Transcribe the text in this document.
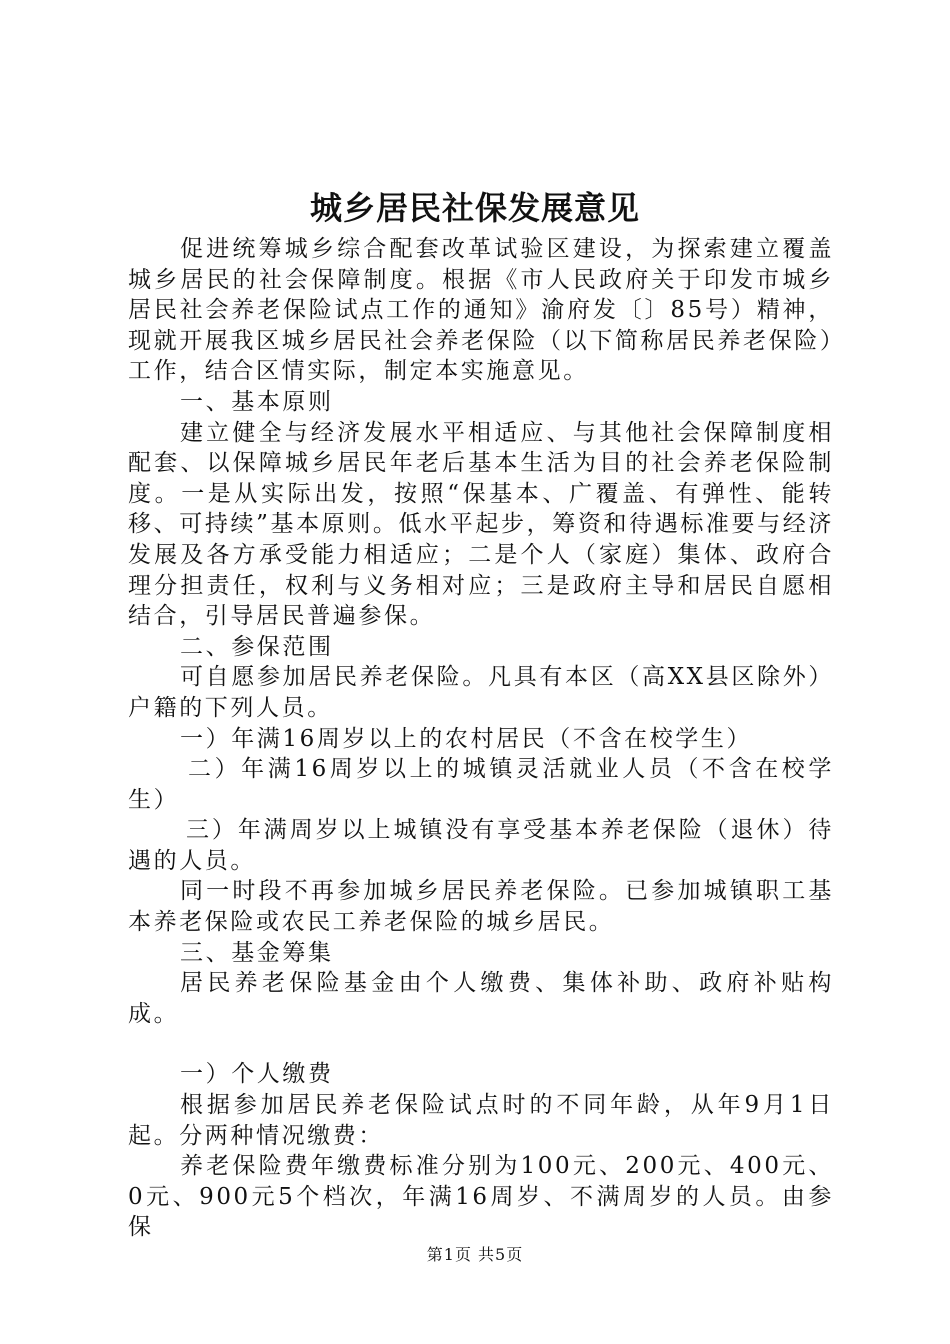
城乡居民社保发展意见

促进统筹城乡综合配套改革试验区建设，为探索建立覆盖城乡居民的社会保障制度。根据《市人民政府关于印发市城乡居民社会养老保险试点工作的通知》渝府发〔〕85号）精神，现就开展我区城乡居民社会养老保险（以下简称居民养老保险）工作，结合区情实际，制定本实施意见。

一、基本原则

建立健全与经济发展水平相适应、与其他社会保障制度相配套、以保障城乡居民年老后基本生活为目的社会养老保险制度。一是从实际出发，按照“保基本、广覆盖、有弹性、能转移、可持续”基本原则。低水平起步，筹资和待遇标准要与经济发展及各方承受能力相适应；二是个人（家庭）集体、政府合理分担责任，权利与义务相对应；三是政府主导和居民自愿相结合，引导居民普遍参保。

二、参保范围

可自愿参加居民养老保险。凡具有本区（高XX县区除外）户籍的下列人员。

一）年满16周岁以上的农村居民（不含在校学生）

二）年满16周岁以上的城镇灵活就业人员（不含在校学生）

三）年满周岁以上城镇没有享受基本养老保险（退休）待遇的人员。

同一时段不再参加城乡居民养老保险。已参加城镇职工基本养老保险或农民工养老保险的城乡居民。

三、基金筹集

居民养老保险基金由个人缴费、集体补助、政府补贴构成。

一）个人缴费

根据参加居民养老保险试点时的不同年龄，从年9月1日起。分两种情况缴费：

养老保险费年缴费标准分别为100元、200元、400元、0元、900元5个档次，年满16周岁、不满周岁的人员。由参保

第1页 共5页
